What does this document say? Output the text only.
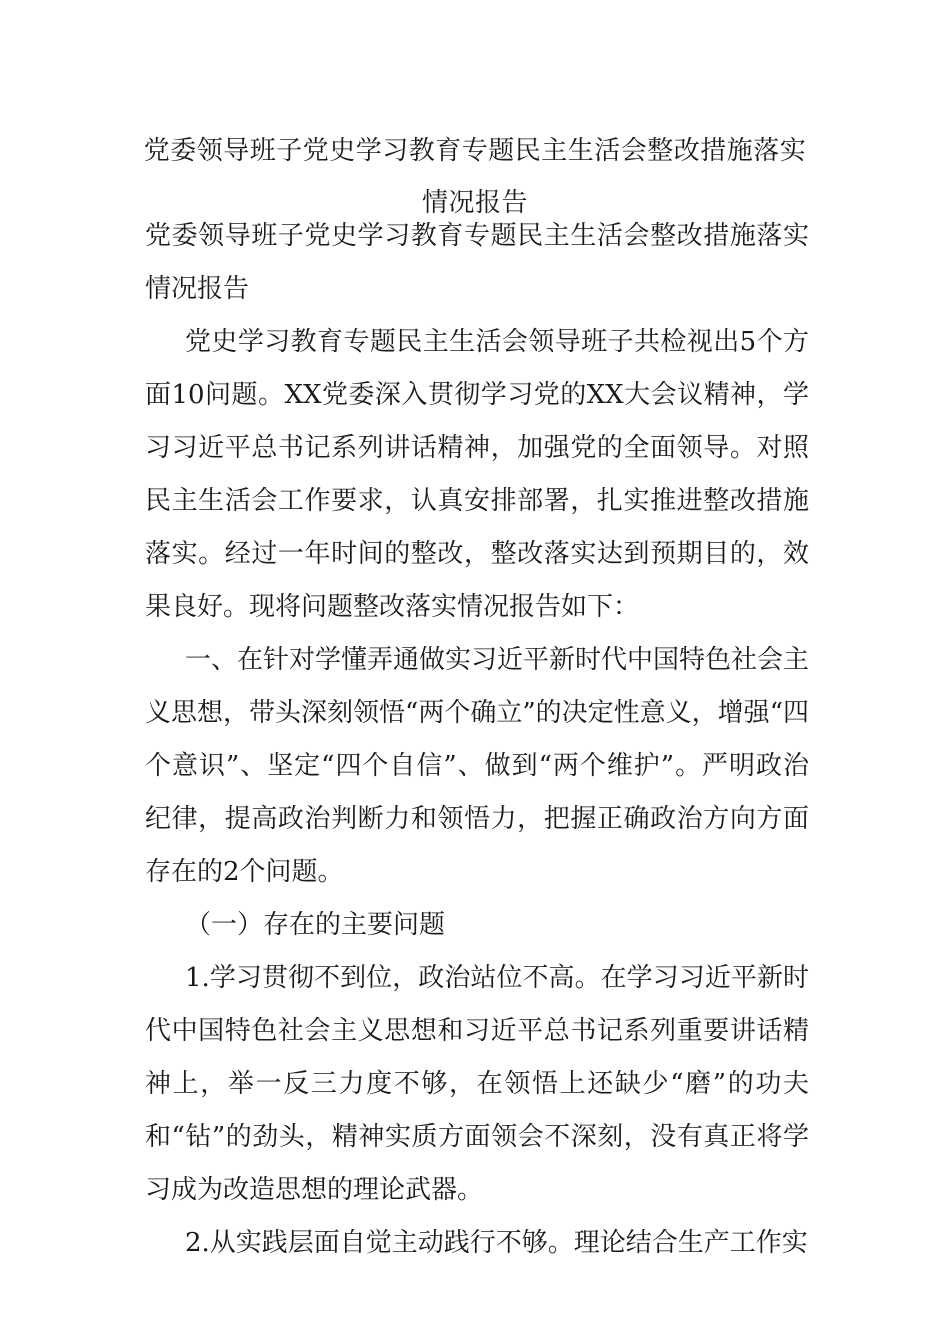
党委领导班子党史学习教育专题民主生活会整改措施落实
情况报告

党委领导班子党史学习教育专题民主生活会整改措施落实情况报告

党史学习教育专题民主生活会领导班子共检视出5个方面10问题。XX党委深入贯彻学习党的XX大会议精神，学习习近平总书记系列讲话精神，加强党的全面领导。对照民主生活会工作要求，认真安排部署，扎实推进整改措施落实。经过一年时间的整改，整改落实达到预期目的，效果良好。现将问题整改落实情况报告如下：

一、在针对学懂弄通做实习近平新时代中国特色社会主义思想，带头深刻领悟“两个确立”的决定性意义，增强“四个意识”、坚定“四个自信”、做到“两个维护”。严明政治纪律，提高政治判断力和领悟力，把握正确政治方向方面存在的2个问题。

（一）存在的主要问题

1.学习贯彻不到位，政治站位不高。在学习习近平新时代中国特色社会主义思想和习近平总书记系列重要讲话精神上，举一反三力度不够，在领悟上还缺少“磨”的功夫和“钻”的劲头，精神实质方面领会不深刻，没有真正将学习成为改造思想的理论武器。

2.从实践层面自觉主动践行不够。理论结合生产工作实
